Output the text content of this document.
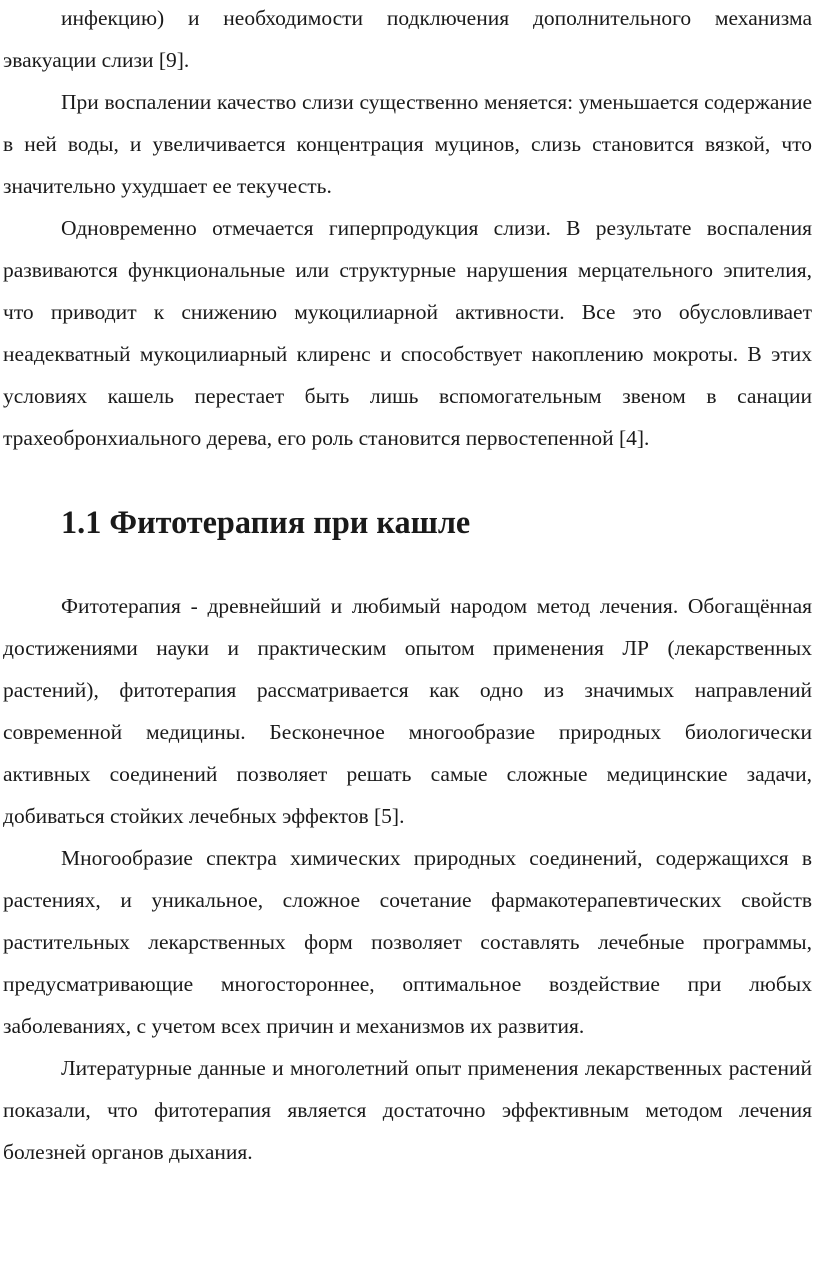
инфекцию) и необходимости подключения дополнительного механизма эвакуации слизи [9].

При воспалении качество слизи существенно меняется: уменьшается содержание в ней воды, и увеличивается концентрация муцинов, слизь становится вязкой, что значительно ухудшает ее текучесть.

Одновременно отмечается гиперпродукция слизи. В результате воспаления развиваются функциональные или структурные нарушения мерцательного эпителия, что приводит к снижению мукоцилиарной активности. Все это обусловливает неадекватный мукоцилиарный клиренс и способствует накоплению мокроты. В этих условиях кашель перестает быть лишь вспомогательным звеном в санации трахеобронхиального дерева, его роль становится первостепенной [4].

1.1 Фитотерапия при кашле

Фитотерапия - древнейший и любимый народом метод лечения. Обогащённая достижениями науки и практическим опытом применения ЛР (лекарственных растений), фитотерапия рассматривается как одно из значимых направлений современной медицины. Бесконечное многообразие природных биологически активных соединений позволяет решать самые сложные медицинские задачи, добиваться стойких лечебных эффектов [5].

Многообразие спектра химических природных соединений, содержащихся в растениях, и уникальное, сложное сочетание фармакотерапевтических свойств растительных лекарственных форм позволяет составлять лечебные программы, предусматривающие многостороннее, оптимальное воздействие при любых заболеваниях, с учетом всех причин и механизмов их развития.

Литературные данные и многолетний опыт применения лекарственных растений показали, что фитотерапия является достаточно эффективным методом лечения болезней органов дыхания.
